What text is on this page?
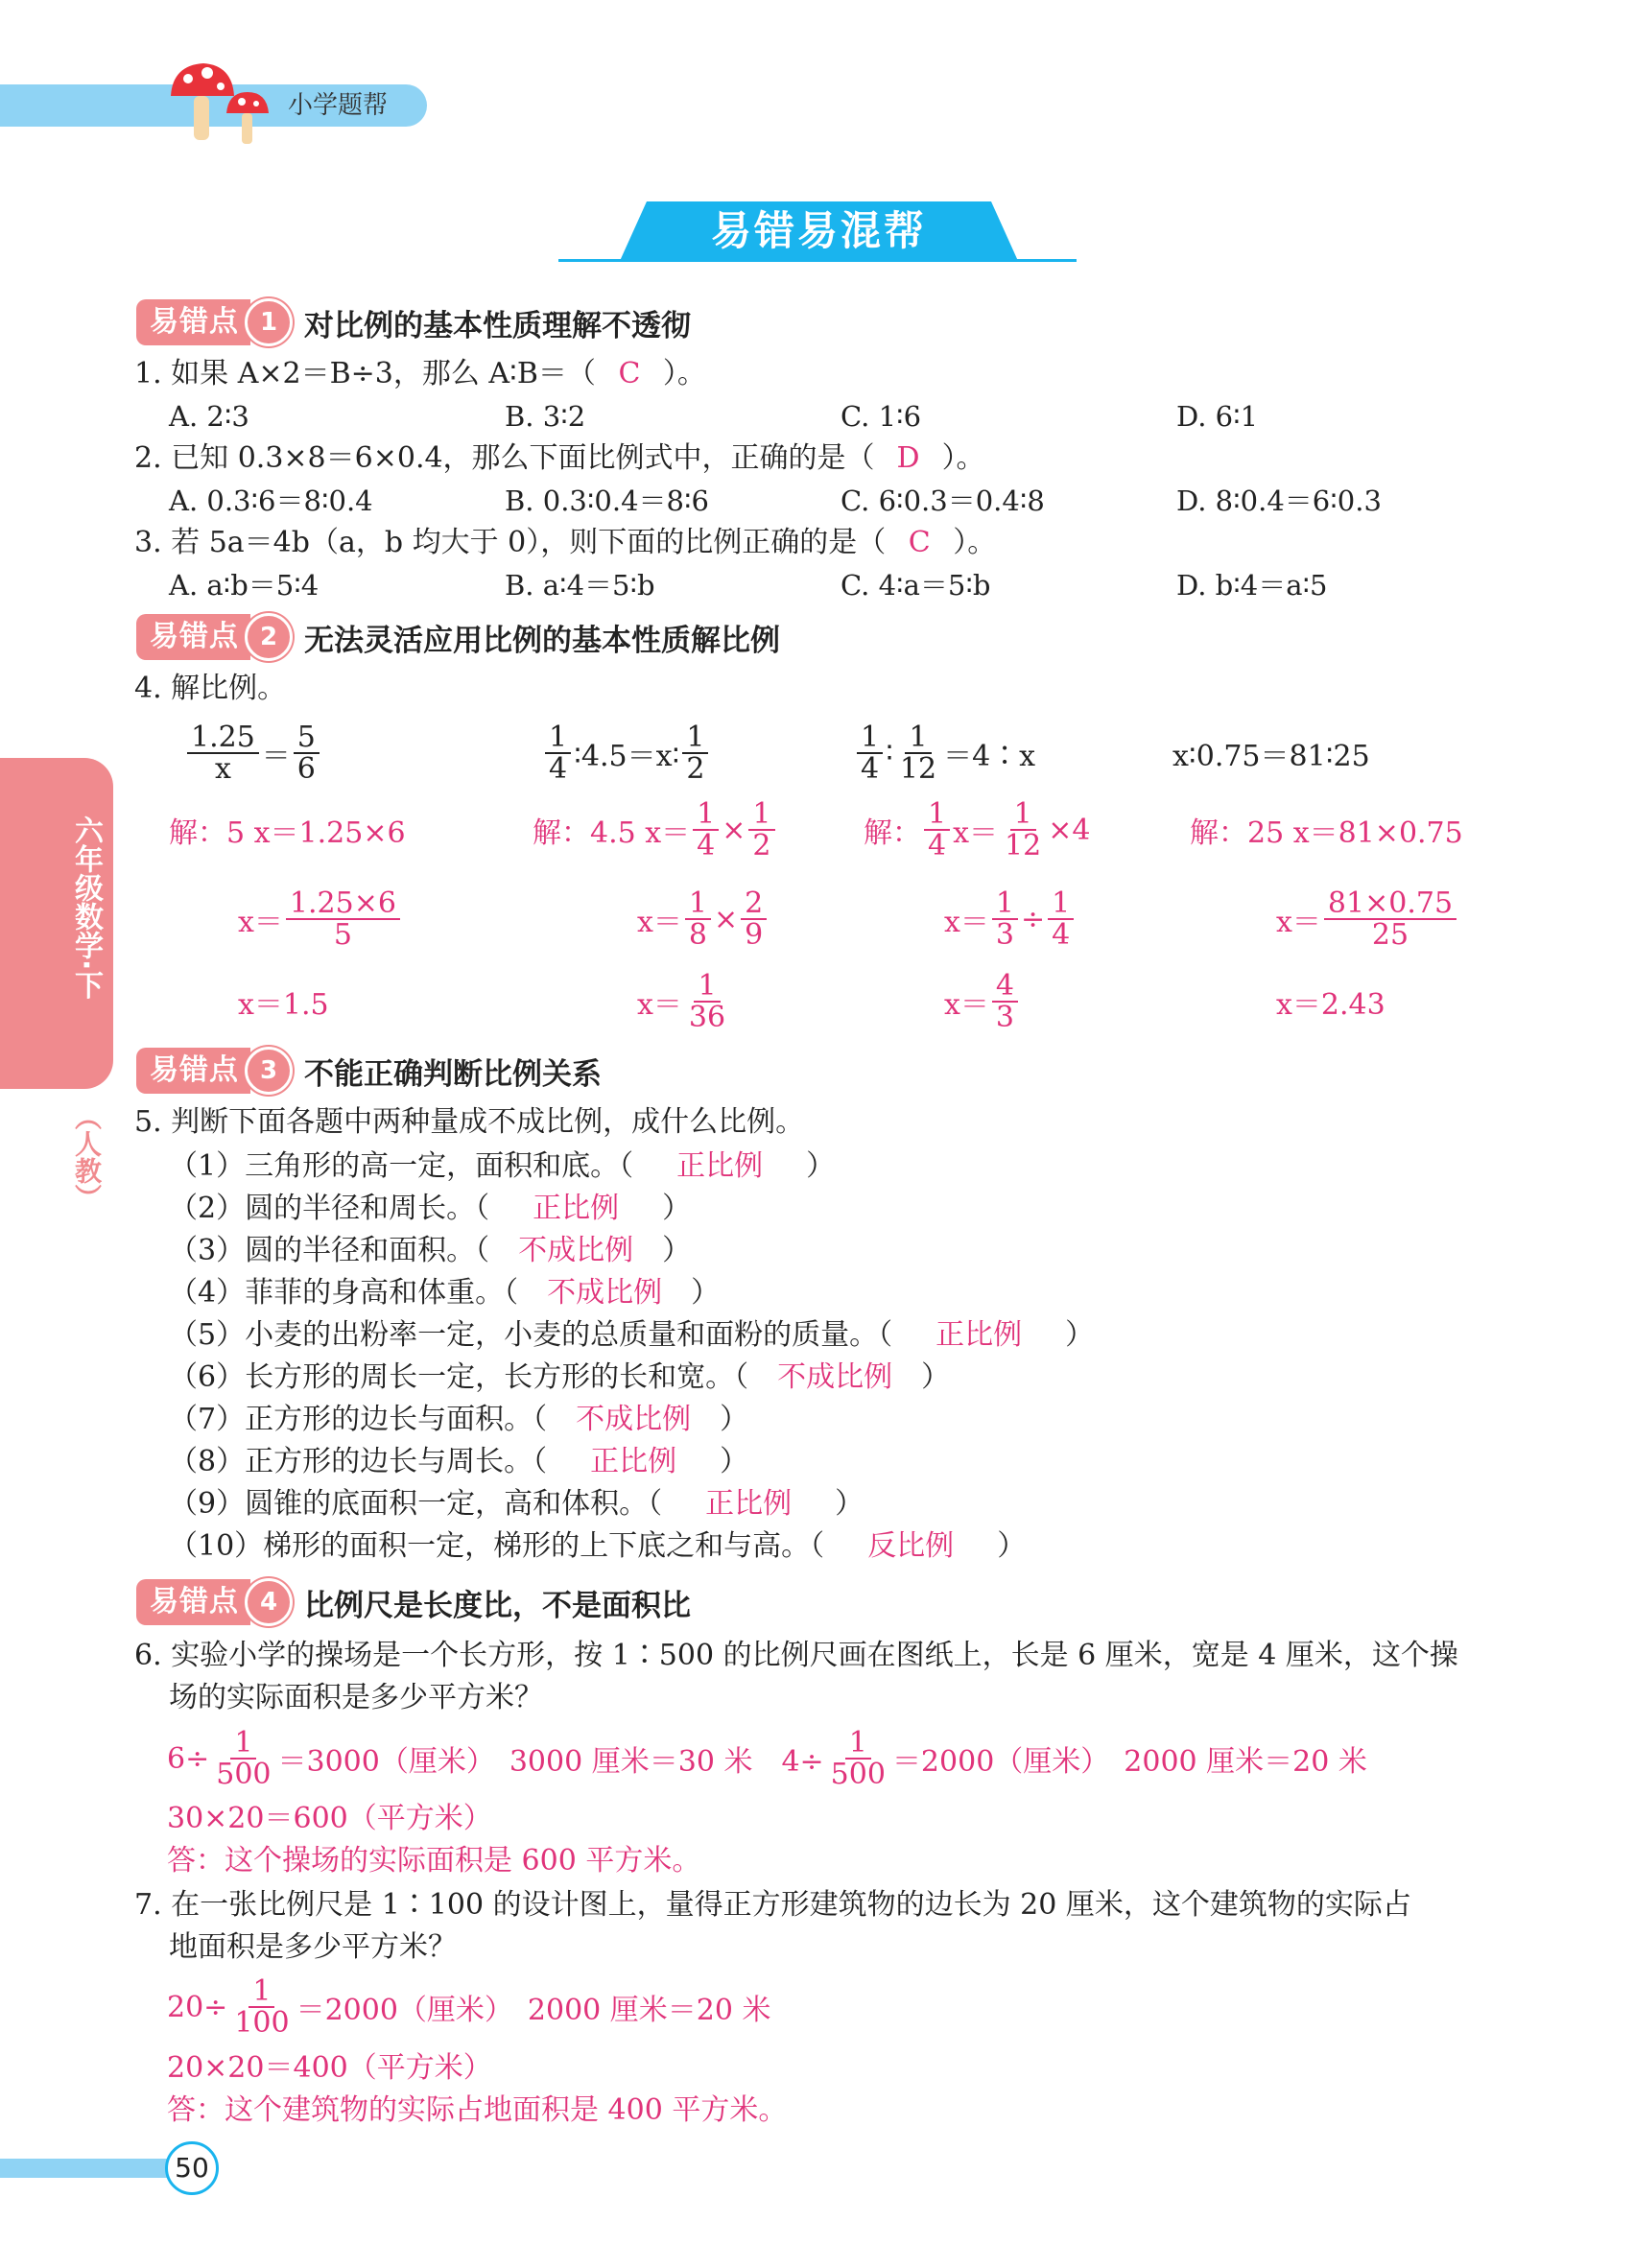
小学题帮
易错易混帮
六年级数学·下
（人教）
易错点 1 对比例的基本性质理解不透彻
1. 如果 A×2＝B÷3，那么 A∶B＝（ C ）。
A. 2∶3	B. 3∶2	C. 1∶6	D. 6∶1
2. 已知 0.3×8＝6×0.4，那么下面比例式中，正确的是（ D ）。
A. 0.3∶6＝8∶0.4	B. 0.3∶0.4＝8∶6	C. 6∶0.3＝0.4∶8	D. 8∶0.4＝6∶0.3
3. 若 5a＝4b（a，b 均大于 0），则下面的比例正确的是（ C ）。
A. a∶b＝5∶4	B. a∶4＝5∶b	C. 4∶a＝5∶b	D. b∶4＝a∶5
易错点 2 无法灵活应用比例的基本性质解比例
4. 解比例。
$\frac{1.25}{x} = \frac{5}{6}$	$\frac{1}{4}$ ∶4.5＝x∶ $\frac{1}{2}$	$\frac{1}{4}$ ∶ $\frac{1}{12}$ ＝4∶x	x∶0.75＝81∶25
解：5 x＝1.25×6	解：4.5 $x= \frac{1}{4} \times \frac{1}{2}$	解： $\frac{1}{4} x= \frac{1}{12} \times 4$	解：25 x＝81×0.75
$x= \frac{1.25\times 6}{5}$	$x= \frac{1}{8} \times \frac{2}{9}$	$x= \frac{1}{3} \div \frac{1}{4}$	$x= \frac{81\times 0.75}{25}$
x＝1.5	$x= \frac{1}{36}$	$x= \frac{4}{3}$	x＝2.43
易错点 3 不能正确判断比例关系
5. 判断下面各题中两种量成不成比例，成什么比例。
（1）三角形的高一定，面积和底。（ 正比例 ）
（2）圆的半径和周长。（ 正比例 ）
（3）圆的半径和面积。（ 不成比例 ）
（4）菲菲的身高和体重。（ 不成比例 ）
（5）小麦的出粉率一定，小麦的总质量和面粉的质量。（ 正比例 ）
（6）长方形的周长一定，长方形的长和宽。（ 不成比例 ）
（7）正方形的边长与面积。（ 不成比例 ）
（8）正方形的边长与周长。（ 正比例 ）
（9）圆锥的底面积一定，高和体积。（ 正比例 ）
（10）梯形的面积一定，梯形的上下底之和与高。（ 反比例 ）
易错点 4 比例尺是长度比，不是面积比
6. 实验小学的操场是一个长方形，按 1∶500 的比例尺画在图纸上，长是 6 厘米，宽是 4 厘米，这个操
场的实际面积是多少平方米？
$6\div \frac{1}{500} =3000$（厘米）　3000 厘米＝30 米　$4\div \frac{1}{500} =2000$（厘米）　2000 厘米＝20 米
30×20＝600（平方米）
答：这个操场的实际面积是 600 平方米。
7. 在一张比例尺是 1∶100 的设计图上，量得正方形建筑物的边长为 20 厘米，这个建筑物的实际占
地面积是多少平方米？
$20\div \frac{1}{100} =2000$（厘米）　2000 厘米＝20 米
20×20＝400（平方米）
答：这个建筑物的实际占地面积是 400 平方米。
50
